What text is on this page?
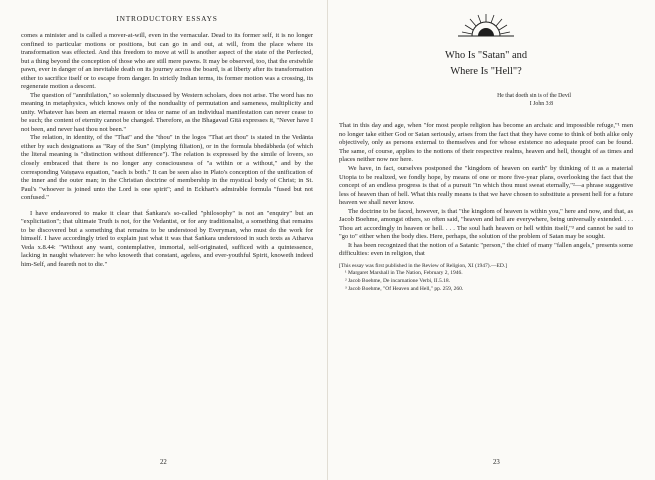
INTRODUCTORY ESSAYS

comes a minister and is called a mover-at-will, even in the vernacular. Dead to its former self, it is no longer confined to particular motions or positions, but can go in and out, at will, from the place where its transformation was effected. And this freedom to move at will is another aspect of the state of the Perfected, but a thing beyond the conception of those who are still mere pawns. It may be observed, too, that the erstwhile pawn, ever in danger of an inevitable death on its journey across the board, is at liberty after its transformation either to sacrifice itself or to escape from danger. In strictly Indian terms, its former motion was a crossing, its regenerate motion a descent.

The question of "annihilation," so solemnly discussed by Western scholars, does not arise. The word has no meaning in metaphysics, which knows only of the nonduality of permutation and sameness, multiplicity and unity. Whatever has been an eternal reason or idea or name of an individual manifestation can never cease to be such; the content of eternity cannot be changed. Therefore, as the Bhagavad Gītā expresses it, "Never have I not been, and never hast thou not been."

The relation, in identity, of the "That" and the "thou" in the logos "That art thou" is stated in the Vedānta either by such designations as "Ray of the Sun" (implying filiation), or in the formula bhedābheda (of which the literal meaning is "distinction without difference"). The relation is expressed by the simile of lovers, so closely embraced that there is no longer any consciousness of "a within or a without," and by the corresponding Vaiṣṇava equation, "each is both." It can be seen also in Plato's conception of the unification of the inner and the outer man; in the Christian doctrine of membership in the mystical body of Christ; in St. Paul's "whoever is joined unto the Lord is one spirit"; and in Eckhart's admirable formula "fused but not confused."

I have endeavored to make it clear that Śaṅkara's so-called "philosophy" is not an "enquiry" but an "explicitation"; that ultimate Truth is not, for the Vedantist, or for any traditionalist, a something that remains to be discovered but a something that remains to be understood by Everyman, who must do the work for himself. I have accordingly tried to explain just what it was that Śaṅkara understood in such texts as Atharva Veda x.8.44: "Without any want, contemplative, immortal, self-originated, sufficed with a quintessence, lacking in naught whatever: he who knoweth that constant, ageless, and ever-youthful Spirit, knoweth indeed him-Self, and feareth not to die."

22
Who Is "Satan" and
Where Is "Hell"?
He that doeth sin is of the Devil
I John 3:8

That in this day and age, when "for most people religion has become an archaic and impossible refuge,"¹ men no longer take either God or Satan seriously, arises from the fact that they have come to think of both alike only objectively, only as persons external to themselves and for whose existence no adequate proof can be found. The same, of course, applies to the notions of their respective realms, heaven and hell, thought of as times and places neither now nor here.

We have, in fact, ourselves postponed the "kingdom of heaven on earth" by thinking of it as a material Utopia to be realized, we fondly hope, by means of one or more five-year plans, overlooking the fact that the concept of an endless progress is that of a pursuit "in which thou must sweat eternally,"²—a phrase suggestive less of heaven than of hell. What this really means is that we have chosen to substitute a present hell for a future heaven we shall never know.

The doctrine to be faced, however, is that "the kingdom of heaven is within you," here and now, and that, as Jacob Boehme, amongst others, so often said, "heaven and hell are everywhere, being universally extended. . . . Thou art accordingly in heaven or hell. . . . The soul hath heaven or hell within itself,"³ and cannot be said to "go to" either when the body dies. Here, perhaps, the solution of the problem of Satan may be sought.

It has been recognized that the notion of a Satanic "person," the chief of many "fallen angels," presents some difficulties: even in religion, that

[This essay was first published in the Review of Religion, XI (1947).—ED.]
¹ Margaret Marshall in The Nation, February 2, 1946.
² Jacob Boehme, De incarnatione Verbi, II.5.18.
³ Jacob Boehme, "Of Heaven and Hell," pp. 259, 260.
23
